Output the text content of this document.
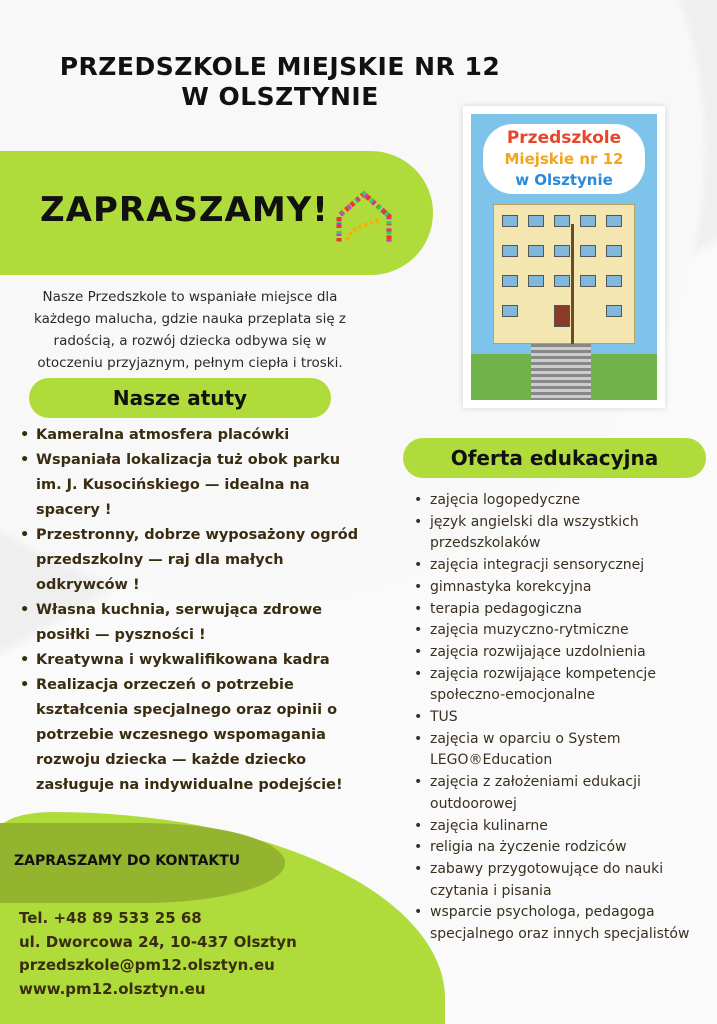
PRZEDSZKOLE MIEJSKIE NR 12
W OLSZTYNIE
ZAPRASZAMY!

Nasze Przedszkole to wspaniałe miejsce dla każdego malucha, gdzie nauka przeplata się z radością, a rozwój dziecka odbywa się w otoczeniu przyjaznym, pełnym ciepła i troski.

Nasze atuty
• Kameralna atmosfera placówki
• Wspaniała lokalizacja tuż obok parku im. J. Kusocińskiego — idealna na spacery !
• Przestronny, dobrze wyposażony ogród przedszkolny — raj dla małych odkrywców !
• Własna kuchnia, serwująca zdrowe posiłki — pyszności !
• Kreatywna i wykwalifikowana kadra
• Realizacja orzeczeń o potrzebie kształcenia specjalnego oraz opinii o potrzebie wczesnego wspomagania rozwoju dziecka — każde dziecko zasługuje na indywidualne podejście!
Przedszkole
Miejskie nr 12
w Olsztynie
Oferta edukacyjna
• zajęcia logopedyczne
• język angielski dla wszystkich przedszkolaków
• zajęcia integracji sensorycznej
• gimnastyka korekcyjna
• terapia pedagogiczna
• zajęcia muzyczno-rytmiczne
• zajęcia rozwijające uzdolnienia
• zajęcia rozwijające kompetencje społeczno-emocjonalne
• TUS
• zajęcia w oparciu o System LEGO®Education
• zajęcia z założeniami edukacji outdoorowej
• zajęcia kulinarne
• religia na życzenie rodziców
• zabawy przygotowujące do nauki czytania i pisania
• wsparcie psychologa, pedagoga specjalnego oraz innych specjalistów
ZAPRASZAMY DO KONTAKTU
Tel. +48 89 533 25 68
ul. Dworcowa 24, 10-437 Olsztyn
przedszkole@pm12.olsztyn.eu
www.pm12.olsztyn.eu
